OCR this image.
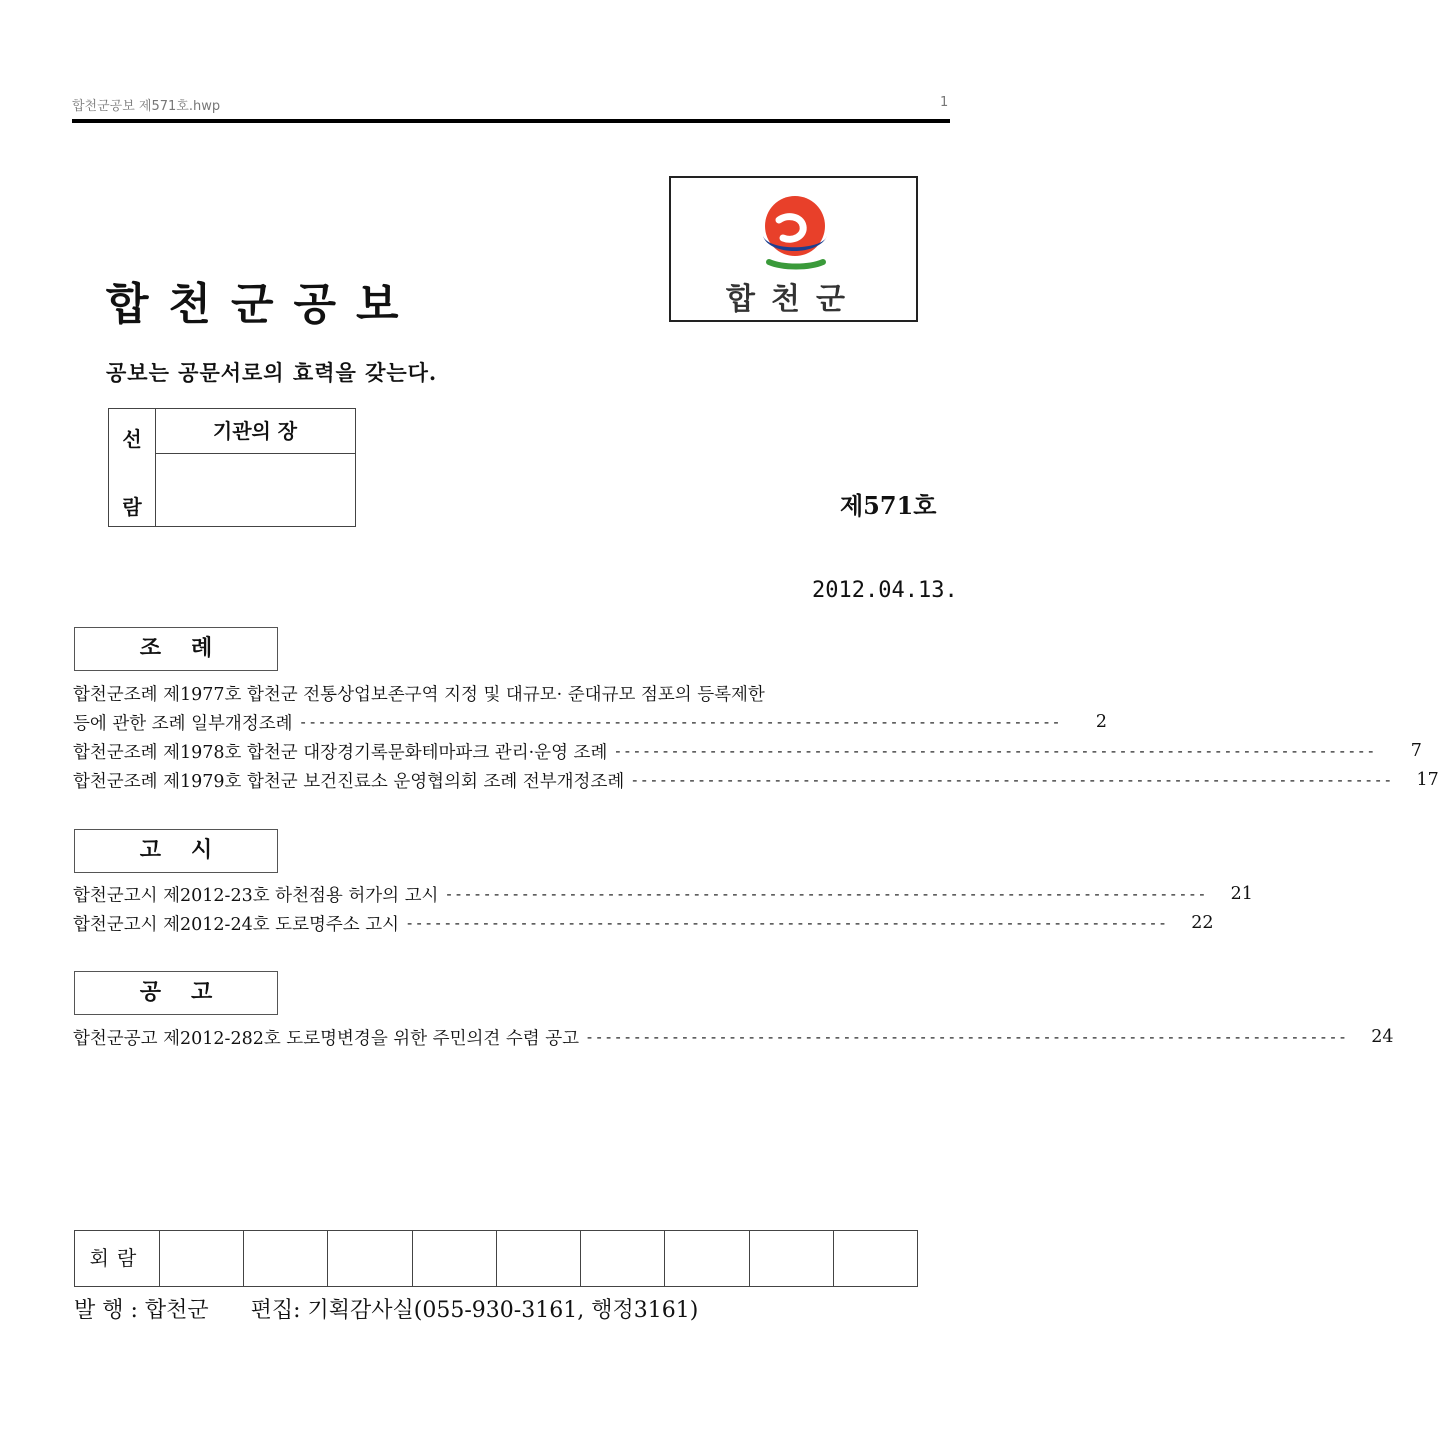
합천군공보 제571호.hwp	1
합천군공보
공보는 공문서로의 효력을 갖는다.
합천군
선
람
기관의 장
제571호
2012.04.13.
조례
합천군조례 제1977호 합천군 전통상업보존구역 지정 및 대규모· 준대규모 점포의 등록제한
등에 관한 조례 일부개정조례 --------------------------------------------------------------------------------	2
합천군조례 제1978호 합천군 대장경기록문화테마파크 관리·운영 조례 --------------------------------------------------------------------------------	7
합천군조례 제1979호 합천군 보건진료소 운영협의회 조례 전부개정조례 --------------------------------------------------------------------------------	17
고시
합천군고시 제2012-23호 하천점용 허가의 고시 --------------------------------------------------------------------------------	21
합천군고시 제2012-24호 도로명주소 고시 --------------------------------------------------------------------------------	22
공고
합천군공고 제2012-282호 도로명변경을 위한 주민의견 수렴 공고 --------------------------------------------------------------------------------	24
회람
발 행 : 합천군 편집: 기획감사실(055-930-3161, 행정3161)
